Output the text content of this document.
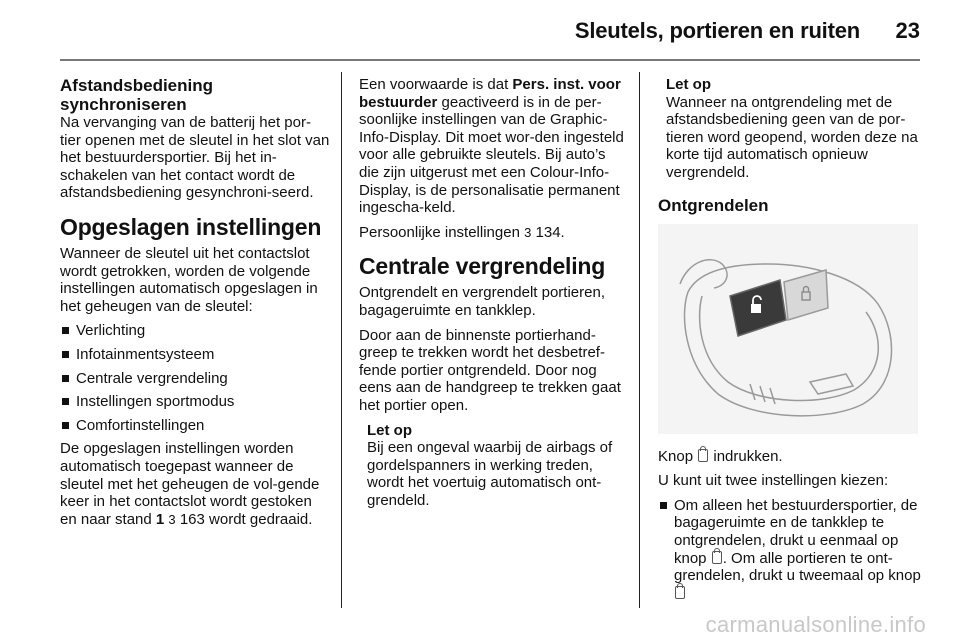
Sleutels, portieren en ruiten 23
Afstandsbediening synchroniseren

Na vervanging van de batterij het por-tier openen met de sleutel in het slot van het bestuurdersportier. Bij het in-schakelen van het contact wordt de afstandsbediening gesynchroni-seerd.

Opgeslagen instellingen

Wanneer de sleutel uit het contactslot wordt getrokken, worden de volgende instellingen automatisch opgeslagen in het geheugen van de sleutel:

Verlichting
Infotainmentsysteem
Centrale vergrendeling
Instellingen sportmodus
Comfortinstellingen

De opgeslagen instellingen worden automatisch toegepast wanneer de sleutel met het geheugen de vol-gende keer in het contactslot wordt gestoken en naar stand 1 3 163 wordt gedraaid.

Een voorwaarde is dat Pers. inst. voor bestuurder geactiveerd is in de per-soonlijke instellingen van de Graphic-Info-Display. Dit moet wor-den ingesteld voor alle gebruikte sleutels. Bij auto’s die zijn uitgerust met een Colour-Info-Display, is de personalisatie permanent ingescha-keld.

Persoonlijke instellingen 3 134.

Centrale vergrendeling

Ontgrendelt en vergrendelt portieren, bagageruimte en tankklep.

Door aan de binnenste portierhand-greep te trekken wordt het desbetref-fende portier ontgrendeld. Door nog eens aan de handgreep te trekken gaat het portier open.

Let op
Bij een ongeval waarbij de airbags of gordelspanners in werking treden, wordt het voertuig automatisch ont-grendeld.
Let op
Wanneer na ontgrendeling met de afstandsbediening geen van de por-tieren word geopend, worden deze na korte tijd automatisch opnieuw vergrendeld.
Ontgrendelen

Knop  indrukken.

U kunt uit twee instellingen kiezen:

Om alleen het bestuurdersportier, de bagageruimte en de tankklep te ontgrendelen, drukt u eenmaal op knop . Om alle portieren te ont-grendelen, drukt u tweemaal op knop
carmanualsonline.info
